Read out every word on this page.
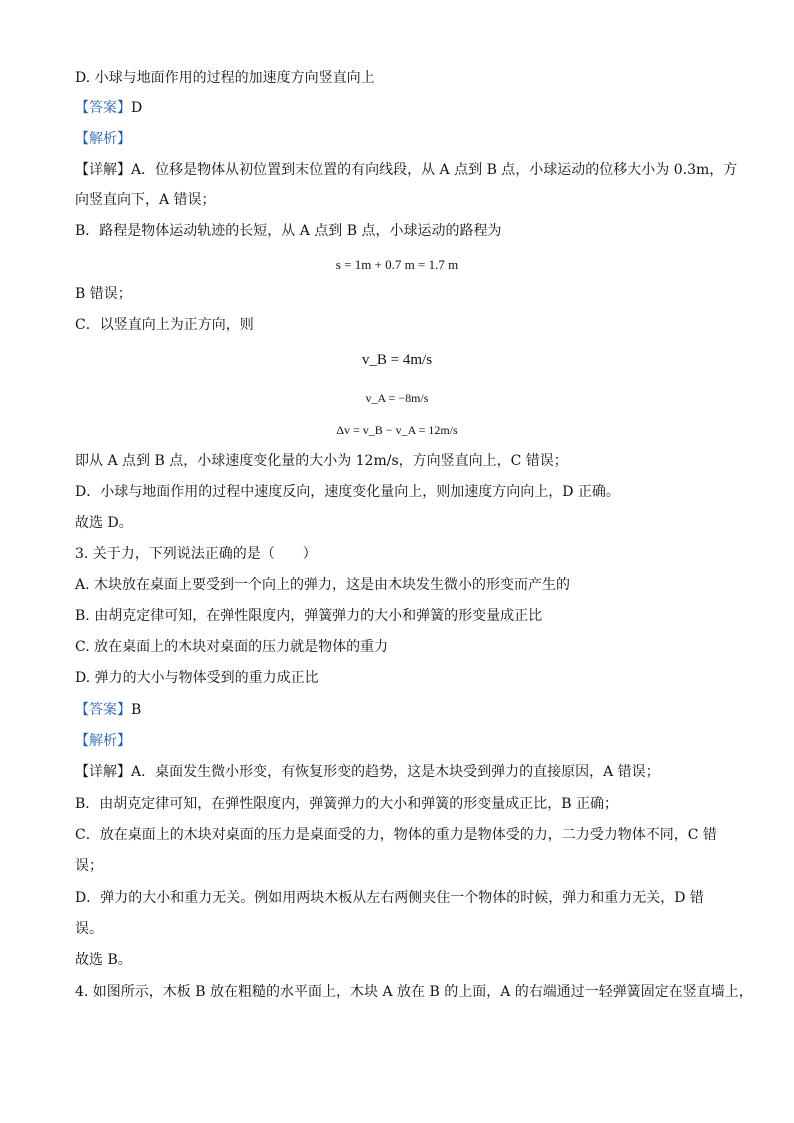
D. 小球与地面作用的过程的加速度方向竖直向上
【答案】D
【解析】
【详解】A．位移是物体从初位置到末位置的有向线段，从 A 点到 B 点，小球运动的位移大小为 0.3m，方
向竖直向下，A 错误；
B．路程是物体运动轨迹的长短，从 A 点到 B 点，小球运动的路程为
s = 1m + 0.7 m = 1.7 m
B 错误；
C．以竖直向上为正方向，则
v_B = 4m/s
v_A = −8m/s
Δv = v_B − v_A = 12m/s
即从 A 点到 B 点，小球速度变化量的大小为 12m/s，方向竖直向上，C 错误；
D．小球与地面作用的过程中速度反向，速度变化量向上，则加速度方向向上，D 正确。
故选 D。
3. 关于力，下列说法正确的是（　　）
A. 木块放在桌面上要受到一个向上的弹力，这是由木块发生微小的形变而产生的
B. 由胡克定律可知，在弹性限度内，弹簧弹力的大小和弹簧的形变量成正比
C. 放在桌面上的木块对桌面的压力就是物体的重力
D. 弹力的大小与物体受到的重力成正比
【答案】B
【解析】
【详解】A．桌面发生微小形变，有恢复形变的趋势，这是木块受到弹力的直接原因，A 错误；
B．由胡克定律可知，在弹性限度内，弹簧弹力的大小和弹簧的形变量成正比，B 正确；
C．放在桌面上的木块对桌面的压力是桌面受的力，物体的重力是物体受的力，二力受力物体不同，C 错
误；
D．弹力的大小和重力无关。例如用两块木板从左右两侧夹住一个物体的时候，弹力和重力无关，D 错
误。
故选 B。
4. 如图所示，木板 B 放在粗糙的水平面上，木块 A 放在 B 的上面，A 的右端通过一轻弹簧固定在竖直墙上，
